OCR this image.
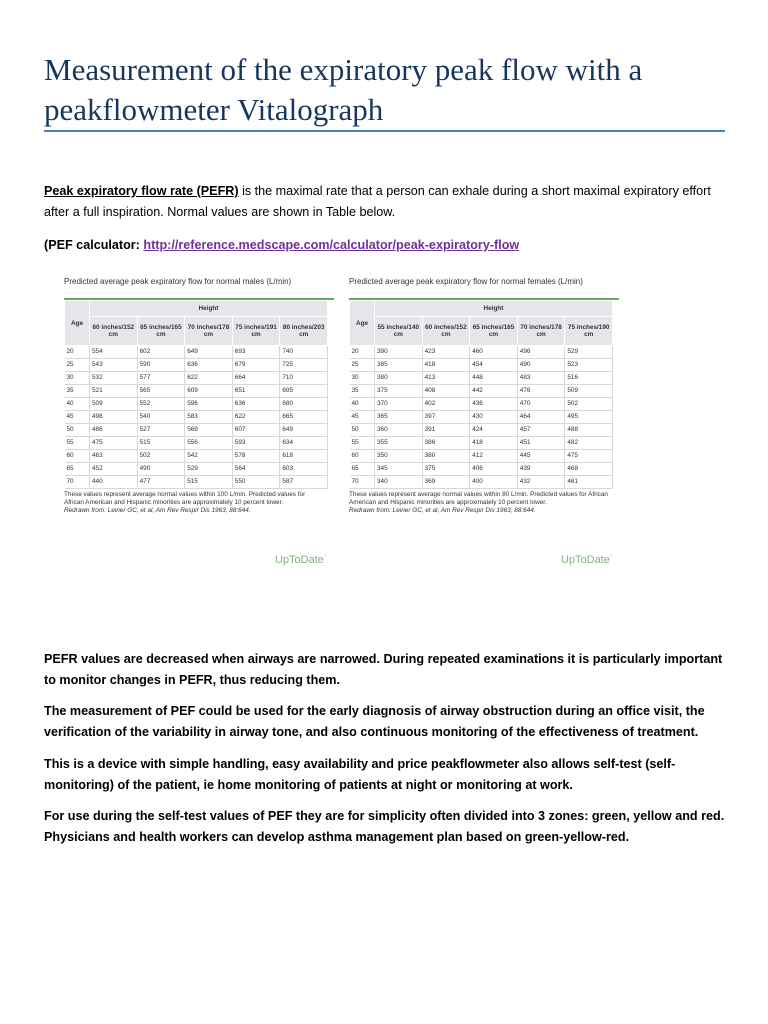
Measurement of the expiratory peak flow with a peakflowmeter Vitalograph

Peak expiratory flow rate (PEFR) is the maximal rate that a person can exhale during a short maximal expiratory effort after a full inspiration. Normal values are shown in Table below.

(PEF calculator: http://reference.medscape.com/calculator/peak-expiratory-flow

Predicted average peak expiratory flow for normal males (L/min)
Age	Height				
	60 inches/152 cm	65 inches/165 cm	70 inches/178 cm	75 inches/191 cm	80 inches/203 cm
20	554	602	649	693	740
25	543	590	636	679	725
30	532	577	622	664	710
35	521	565	609	651	695
40	509	552	596	636	680
45	498	540	583	622	665
50	486	527	569	607	649
55	475	515	556	593	634
60	463	502	542	578	618
65	452	490	529	564	603
70	440	477	515	550	587
These values represent average normal values within 100 L/min. Predicted values for African American and Hispanic minorities are approximately 10 percent lower.
Redrawn from: Leiner GC, et al, Am Rev Respir Dis 1963; 88:644.
UpToDate°
Predicted average peak expiratory flow for normal females (L/min)
Age	Height				
	55 inches/140 cm	60 inches/152 cm	65 inches/165 cm	70 inches/178 cm	75 inches/190 cm
20	390	423	460	496	529
25	385	418	454	490	523
30	380	413	448	483	516
35	375	408	442	476	509
40	370	402	436	470	502
45	365	397	430	464	495
50	360	391	424	457	488
55	355	386	418	451	482
60	350	380	412	445	475
65	345	375	406	439	468
70	340	369	400	432	461
These values represent average normal values within 80 L/min. Predicted values for African American and Hispanic minorities are approximately 10 percent lower.
Redrawn from: Leiner GC, et al, Am Rev Respir Dis 1963; 88:644.
UpToDate°

PEFR values are decreased when airways are narrowed. During repeated examinations it is particularly important to monitor changes in PEFR, thus reducing them.

The measurement of PEF could be used for the early diagnosis of airway obstruction during an office visit, the verification of the variability in airway tone, and also continuous monitoring of the effectiveness of treatment.

This is a device with simple handling, easy availability and price peakflowmeter also allows self-test (self-monitoring) of the patient, ie home monitoring of patients at night or monitoring at work.

For use during the self-test values of PEF they are for simplicity often divided into 3 zones: green, yellow and red. Physicians and health workers can develop asthma management plan based on green-yellow-red.
